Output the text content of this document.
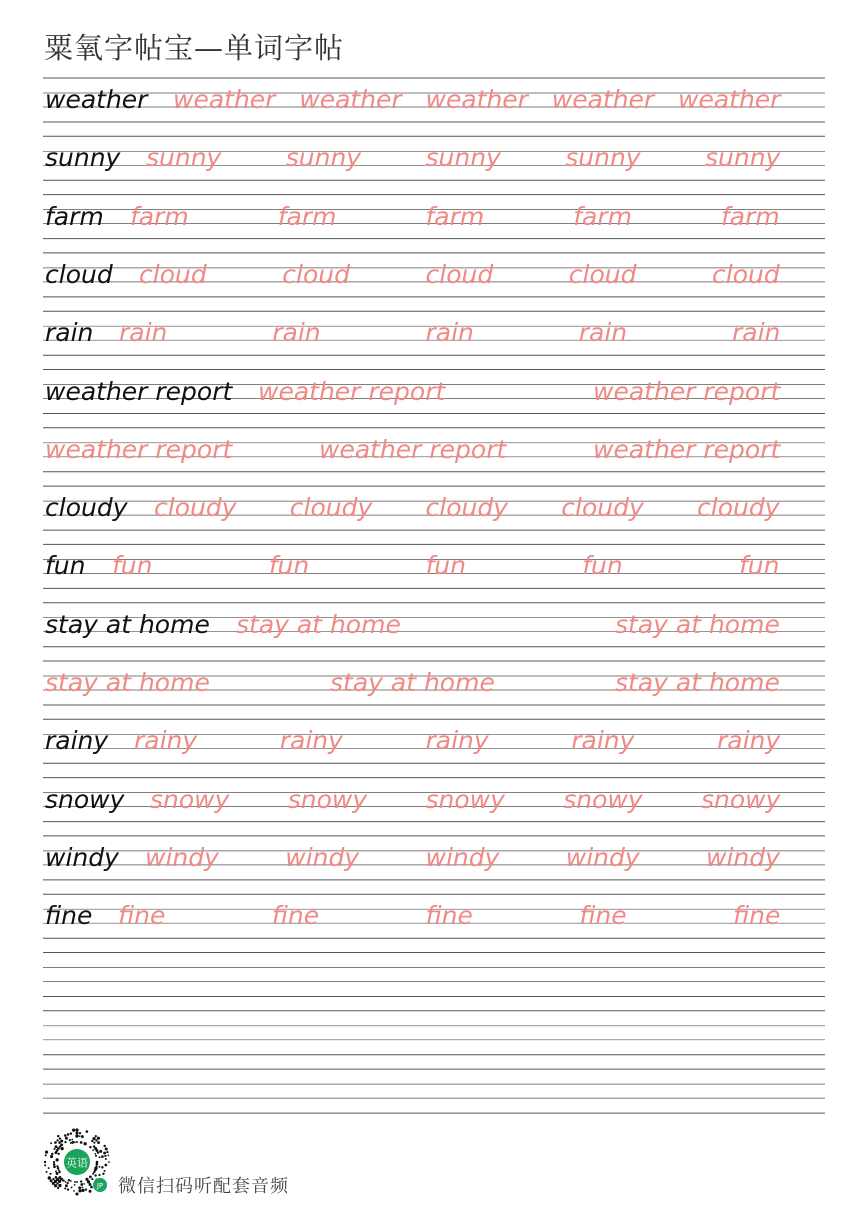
粟氧字帖宝—单词字帖
weather weather weather weather weather weather
sunny sunny	sunny	sunny	sunny	sunny
farm farm	farm	farm	farm	farm
cloud cloud	cloud	cloud	cloud	cloud
rain rain	rain	rain	rain	rain
weather report weather report	weather report
weather report	weather report	weather report
cloudy cloudy cloudy cloudy cloudy cloudy
fun fun	fun	fun	fun	fun
stay at home stay at home	stay at home
stay at home	stay at home	stay at home
rainy rainy	rainy	rainy	rainy	rainy
snowy snowy snowy snowy snowy snowy
windy windy	windy	windy	windy	windy
fine fine	fine	fine	fine	fine
英语
JP 微信扫码听配套音频
